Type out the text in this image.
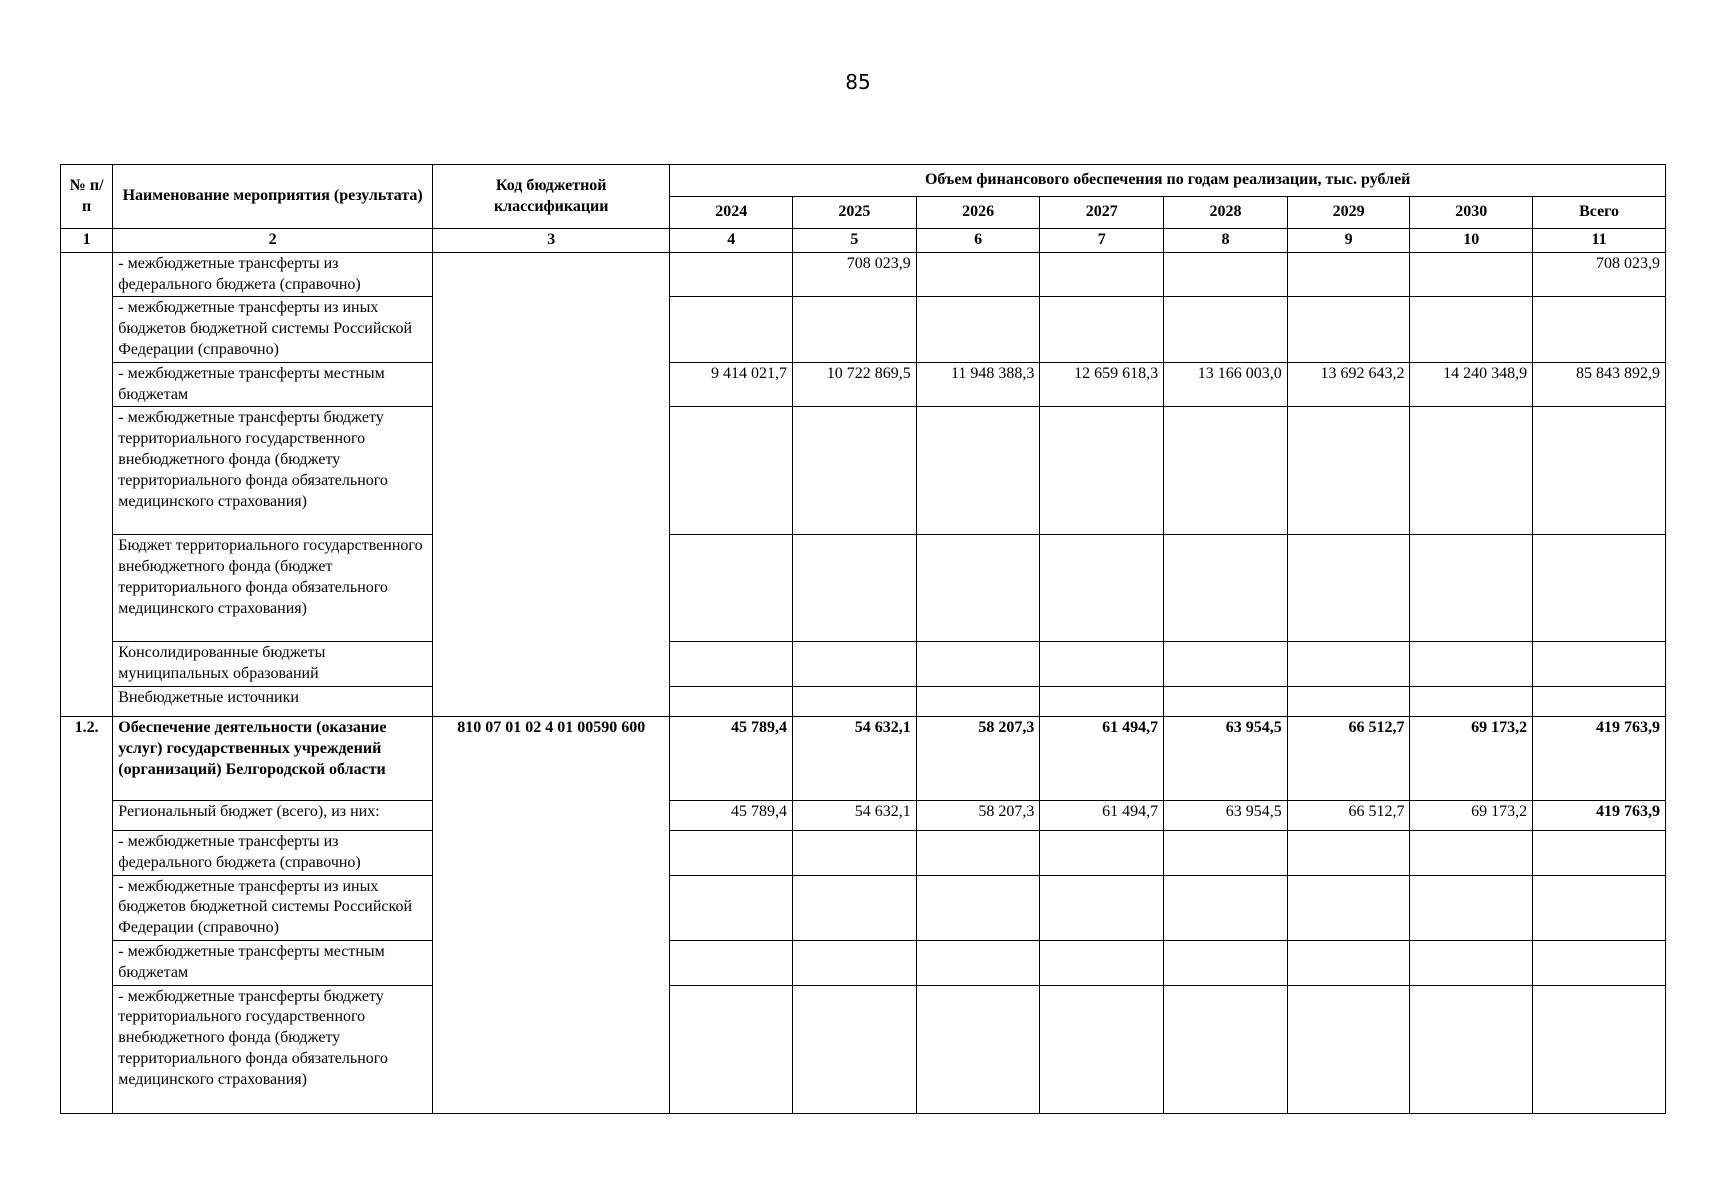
85
№ п/п	Наименование мероприятия (результата)	Код бюджетной классификации	Объем финансового обеспечения по годам реализации, тыс. рублей							
			2024	2025	2026	2027	2028	2029	2030	Всего
1	2	3	4	5	6	7	8	9	10	11
	- межбюджетные трансферты из федерального бюджета (справочно)			708 023,9						708 023,9
	- межбюджетные трансферты из иных бюджетов бюджетной системы Российской Федерации (справочно)									
	- межбюджетные трансферты местным бюджетам		9 414 021,7	10 722 869,5	11 948 388,3	12 659 618,3	13 166 003,0	13 692 643,2	14 240 348,9	85 843 892,9
	- межбюджетные трансферты бюджету территориального государственного внебюджетного фонда (бюджету территориального фонда обязательного медицинского страхования)									
	Бюджет территориального государственного внебюджетного фонда (бюджет территориального фонда обязательного медицинского страхования)									
	Консолидированные бюджеты муниципальных образований									
	Внебюджетные источники									
1.2.	Обеспечение деятельности (оказание услуг) государственных учреждений (организаций) Белгородской области	810 07 01 02 4 01 00590 600	45 789,4	54 632,1	58 207,3	61 494,7	63 954,5	66 512,7	69 173,2	419 763,9
	Региональный бюджет (всего), из них:		45 789,4	54 632,1	58 207,3	61 494,7	63 954,5	66 512,7	69 173,2	419 763,9
	- межбюджетные трансферты из федерального бюджета (справочно)									
	- межбюджетные трансферты из иных бюджетов бюджетной системы Российской Федерации (справочно)									
	- межбюджетные трансферты местным бюджетам									
	- межбюджетные трансферты бюджету территориального государственного внебюджетного фонда (бюджету территориального фонда обязательного медицинского страхования)									
